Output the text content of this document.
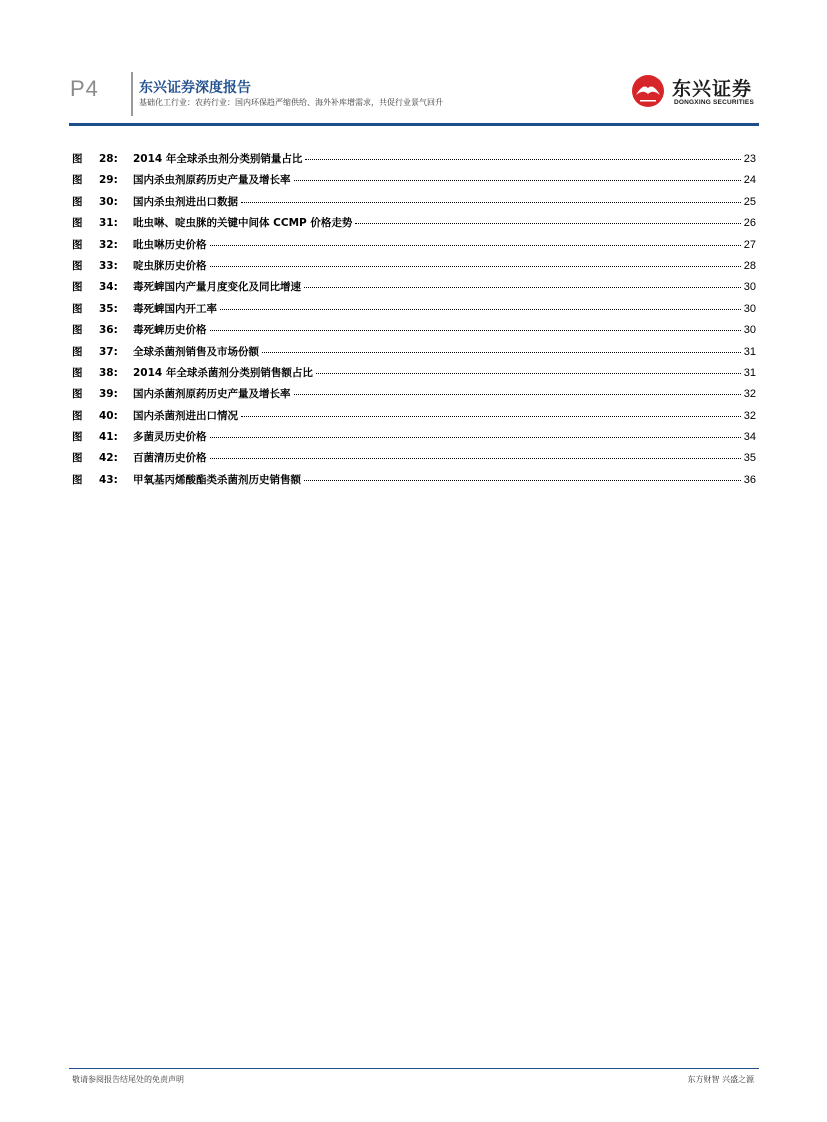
P4	东兴证券深度报告
基础化工行业：农药行业：国内环保趋严缩供给、海外补库增需求，共促行业景气回升
东兴证券
DONGXING SECURITIES
图 28: 2014 年全球杀虫剂分类别销量占比	23
图 29: 国内杀虫剂原药历史产量及增长率	24
图 30: 国内杀虫剂进出口数据	25
图 31: 吡虫啉、啶虫脒的关键中间体 CCMP 价格走势	26
图 32: 吡虫啉历史价格	27
图 33: 啶虫脒历史价格	28
图 34: 毒死蜱国内产量月度变化及同比增速	30
图 35: 毒死蜱国内开工率	30
图 36: 毒死蜱历史价格	30
图 37: 全球杀菌剂销售及市场份额	31
图 38: 2014 年全球杀菌剂分类别销售额占比	31
图 39: 国内杀菌剂原药历史产量及增长率	32
图 40: 国内杀菌剂进出口情况	32
图 41: 多菌灵历史价格	34
图 42: 百菌清历史价格	35
图 43: 甲氧基丙烯酸酯类杀菌剂历史销售额	36
敬请参阅报告结尾处的免责声明	东方财智 兴盛之源
